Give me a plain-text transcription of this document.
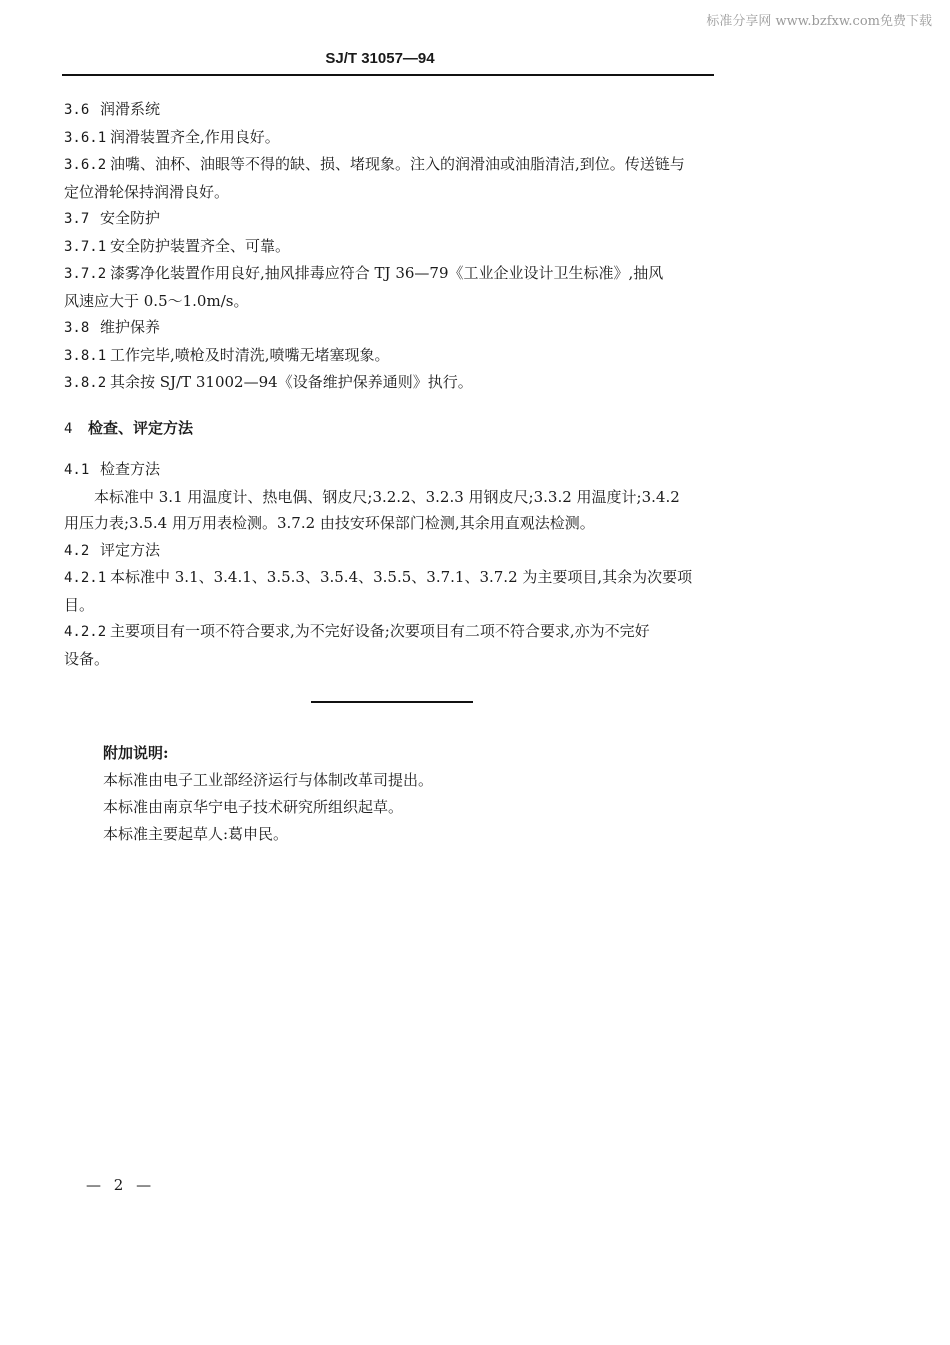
标准分享网 www.bzfxw.com免费下载
SJ/T 31057—94

3.6 润滑系统

3.6.1 润滑装置齐全,作用良好。

3.6.2 油嘴、油杯、油眼等不得的缺、损、堵现象。注入的润滑油或油脂清洁,到位。传送链与
定位滑轮保持润滑良好。

3.7 安全防护

3.7.1 安全防护装置齐全、可靠。

3.7.2 漆雾净化装置作用良好,抽风排毒应符合 TJ 36—79《工业企业设计卫生标准》,抽风
风速应大于 0.5～1.0m/s。

3.8 维护保养

3.8.1 工作完毕,喷枪及时清洗,喷嘴无堵塞现象。

3.8.2 其余按 SJ/T 31002—94《设备维护保养通则》执行。

4 检查、评定方法

4.1 检查方法

本标准中 3.1 用温度计、热电偶、钢皮尺;3.2.2、3.2.3 用钢皮尺;3.3.2 用温度计;3.4.2

用压力表;3.5.4 用万用表检测。3.7.2 由技安环保部门检测,其余用直观法检测。

4.2 评定方法

4.2.1 本标准中 3.1、3.4.1、3.5.3、3.5.4、3.5.5、3.7.1、3.7.2 为主要项目,其余为次要项
目。

4.2.2 主要项目有一项不符合要求,为不完好设备;次要项目有二项不符合要求,亦为不完好
设备。

附加说明:
本标准由电子工业部经济运行与体制改革司提出。
本标准由南京华宁电子技术研究所组织起草。
本标准主要起草人:葛申民。
— 2 —
